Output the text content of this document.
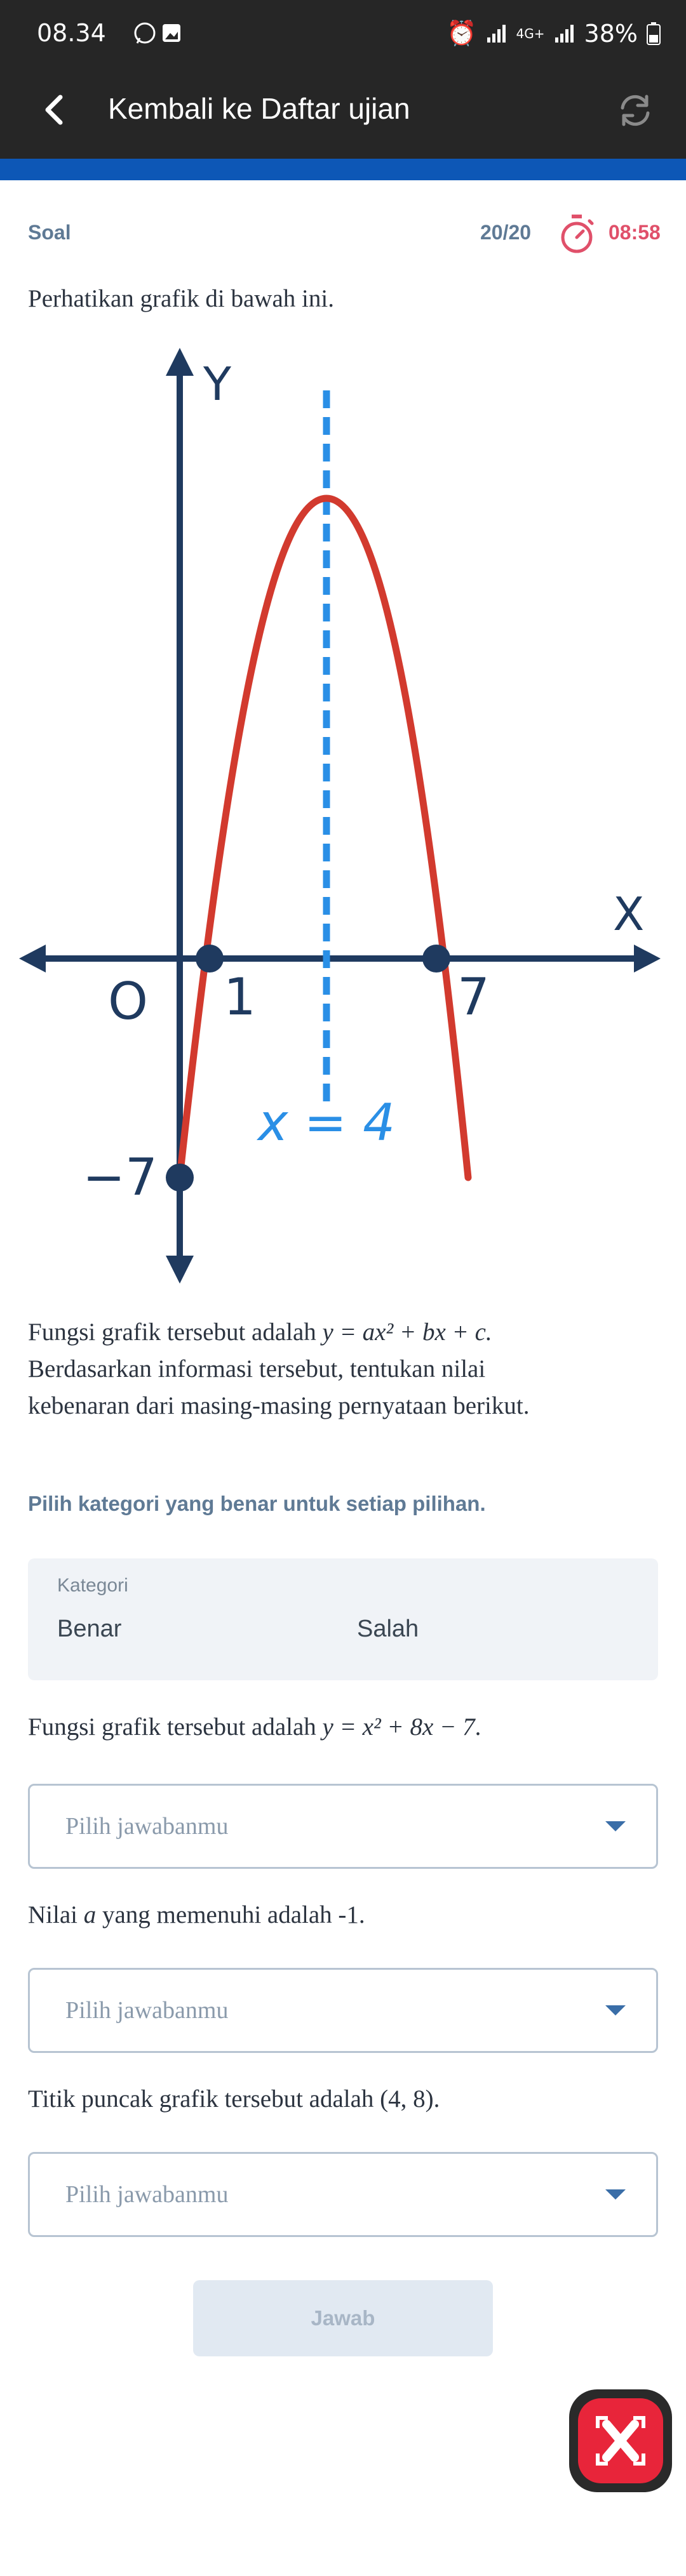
08.34	⏰	4G+ 38%
Kembali ke Daftar ujian
Soal	20/20	08:58
Perhatikan grafik di bawah ini.
Y
X
O 1	7
−7
x = 4
Fungsi grafik tersebut adalah y = ax² + bx + c.
Berdasarkan informasi tersebut, tentukan nilai
kebenaran dari masing-masing pernyataan berikut.
Pilih kategori yang benar untuk setiap pilihan.
Kategori
Benar	Salah
Fungsi grafik tersebut adalah y = x² + 8x − 7.
Pilih jawabanmu
Nilai a yang memenuhi adalah -1.
Pilih jawabanmu
Titik puncak grafik tersebut adalah (4, 8).
Pilih jawabanmu
Jawab
